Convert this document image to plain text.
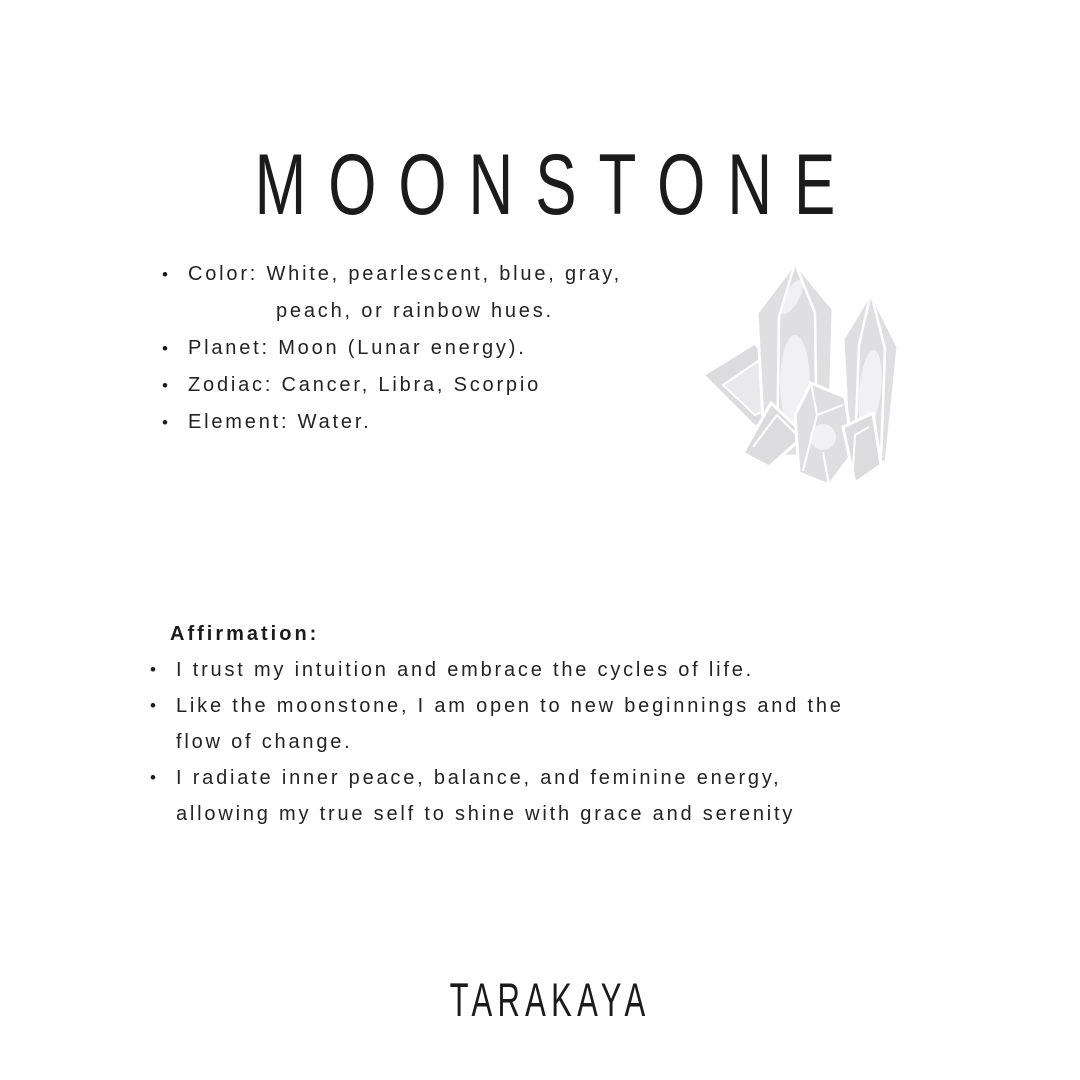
MOONSTONE
• Color: White, pearlescent, blue, gray,
peach, or rainbow hues.
• Planet: Moon (Lunar energy).
• Zodiac: Cancer, Libra, Scorpio
• Element: Water.
Affirmation:
• I trust my intuition and embrace the cycles of life.
• Like the moonstone, I am open to new beginnings and the
flow of change.
• I radiate inner peace, balance, and feminine energy,
allowing my true self to shine with grace and serenity
TARAKAYA
